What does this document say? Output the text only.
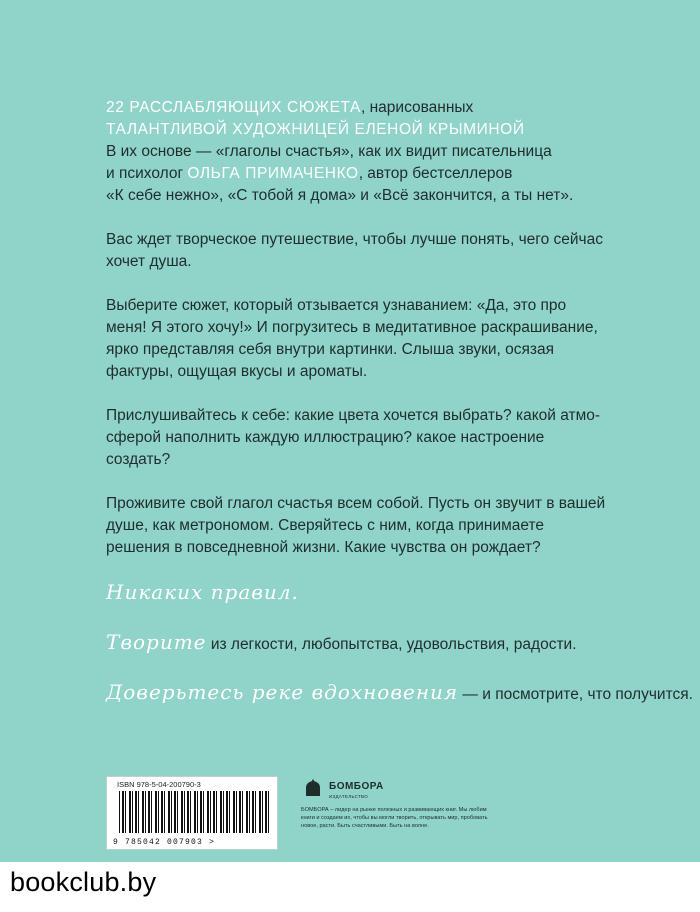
22 РАССЛАБЛЯЮЩИХ СЮЖЕТА, нарисованных

ТАЛАНТЛИВОЙ ХУДОЖНИЦЕЙ ЕЛЕНОЙ КРЫМИНОЙ

В их основе — «глаголы счастья», как их видит писательница

и психолог ОЛЬГА ПРИМАЧЕНКО, автор бестселлеров

«К себе нежно», «С тобой я дома» и «Всё закончится, а ты нет».

Вас ждет творческое путешествие, чтобы лучше понять, чего сейчас хочет душа.

Выберите сюжет, который отзывается узнаванием: «Да, это про меня! Я этого хочу!» И погрузитесь в медитативное раскрашивание, ярко представляя себя внутри картинки. Слыша звуки, осязая фактуры, ощущая вкусы и ароматы.

Прислушивайтесь к себе: какие цвета хочется выбрать? какой атмо-сферой наполнить каждую иллюстрацию? какое настроение создать?

Проживите свой глагол счастья всем собой. Пусть он звучит в вашей душе, как метрономом. Сверяйтесь с ним, когда принимаете решения в повседневной жизни. Какие чувства он рождает?

Никаких правил.
Творите из легкости, любопытства, удовольствия, радости.
Доверьтесь реке вдохновения — и посмотрите, что получится.
ISBN 978-5-04-200790-3
9 785042 007903 >
БОМБОРА
ИЗДАТЕЛЬСТВО
БОМБОРА – лидер на рынке полезных и развивающих книг. Мы любим книги и создаем их, чтобы вы могли творить, открывать мир, пробовать новое, расти. Быть счастливыми. Быть на волне.
bookclub.by
